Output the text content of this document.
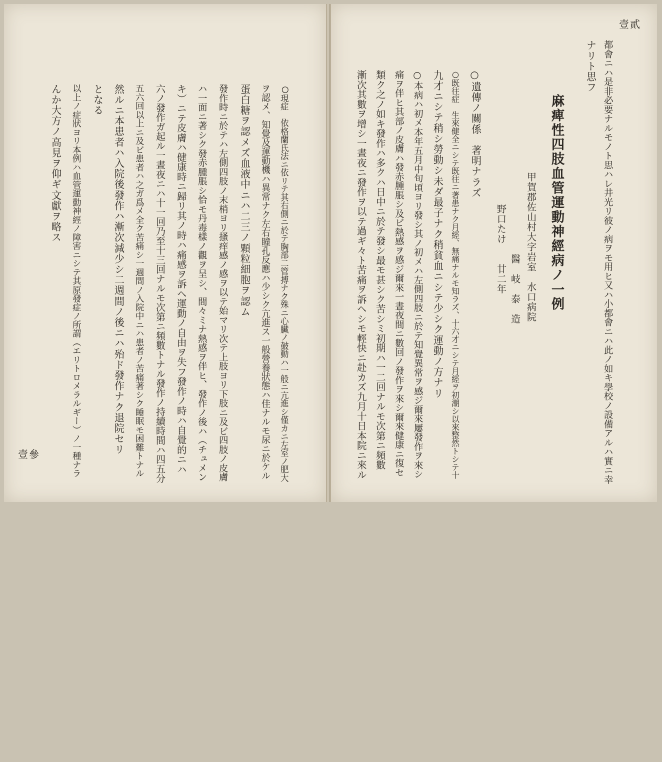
○現症　依格蘭氏法ニ依リテ其右側ニ於テ胸部二管搏ナク殊ニ心臟ノ皷動ハ一般ニ亢進シ僅カニ左室ノ肥大
ヲ認メ、知覺及運動機ハ異常ナク左右瞳孔反應ハ少シク亢進ス一般營養狀態ハ佳ナルモ尿ニ於ケル
蛋白糖ヲ認メズ血液中ニハ二三ノ顆粒細胞ヲ認ム
發作時ニ於テハ左側四肢ノ末梢ヨリ搔痒感ノ感ヲ以テ始マリ次テ上肢ヨリ下肢ニ及ビ四肢ノ皮膚
ハ一面ニ著シク發赤腫脹シ恰モ丹毒樣ノ觀ヲ呈シ、間々ミナ熱感ヲ伴ヒ、發作ノ後ハ（チュメン
キ）ニテ皮膚ハ健康時ニ歸リ其ノ時ハ痛感ヲ訴ヘ運動ノ自由ヲ失フ發作ノ時ハ自覺的ニハ
六ノ發作ガ起ル一晝夜ニハ十一回乃至十三回ナルモ次第ニ頻數トナル發作ノ持續時間ハ四五分
五六回以上ニ及ビ患者ハ之ガ爲メ全ク苦痛シ一週間ノ入院中ニハ患者ノ苦痛著シク睡眠モ困難トナル
然ルニ本患者ハ入院後發作ハ漸次減少シ二週間ノ後ニハ殆ド發作ナク退院セリ
となる
以上ノ症狀ヨリ本例ハ血管運動神經ノ障害ニシテ其原發症ノ所謂（エリトロメラルギー）ノ一種ナラ
んか大方ノ高見ヲ仰ギ文獻ヲ略ス
壹參
壹貳
都會ニハ是非必要ナルモノト思ハレ井光リ彼ノ病ヲモ用ヒ又ハ小都會ニハ此ノ如キ學校ノ設備アルハ實ニ幸
ナリト思フ
麻痺性四肢血管運動神經病ノ一例
甲賀郡佐山村大字岩室　水口病院
醫　岐　泰　造
野口たけ
廿二年
○遺傳ノ關係　著明ナラズ
○既往症　生來健全ニシテ既往ニ著患ナク月經、無痛ナルモ知ラズ、十六才ニシテ月經ヲ初潮シ以來整然トシテ十
九才ニシテ稍シ勞動シ未ダ最子ナク稍貧血ニシテ少シク運動ノ方ナリ
○本病ハ初メ本年五月中旬頃ヨリ發シ其ノ初メハ左側四肢ニ於テ知覺異常ヲ感ジ爾來屢發作ヲ來シ
痛ヲ伴ヒ其部ノ皮膚ハ發赤腫脹シ及ビ熱感ヲ感ジ爾來一晝夜間ニ數回ノ發作ヲ來シ爾來健康ニ復セ
類ク之ノ如キ發作ハ多クハ日中ニ於テ發シ最モ甚シク苦シミ初期ハ一二回ナルモ次第ニ頻數
漸次其數ヲ增シ一晝夜ニ發作ヲ以テ過ギ々ト苦痛ヲ訴ヘシモ輕快ニ赴カズ九月十日本院ニ來ル
